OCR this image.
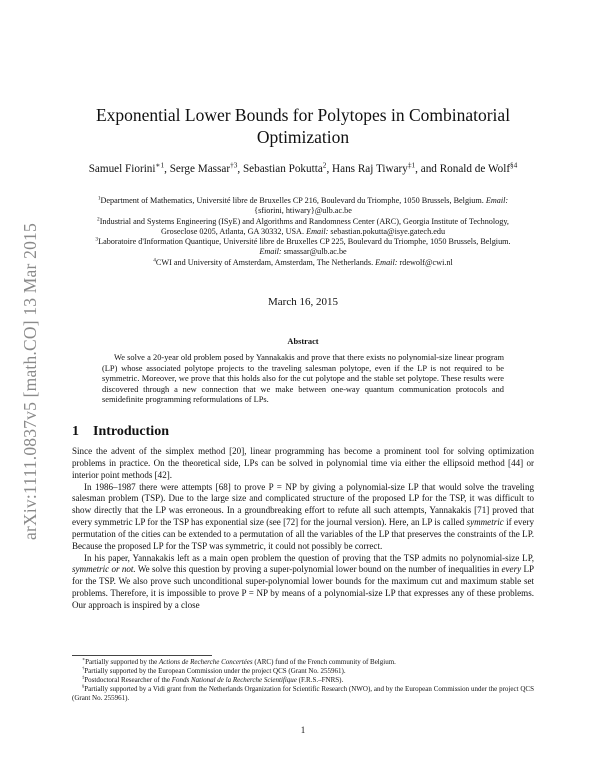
arXiv:1111.0837v5 [math.CO] 13 Mar 2015
Exponential Lower Bounds for Polytopes in Combinatorial Optimization
Samuel Fiorini$^{∗1}$, Serge Massar$^{\dagger 3}$, Sebastian Pokutta$^2$, Hans Raj Tiwary$^{\ddagger 1}$, and Ronald de Wolf$^{\S 4}$
$^1$Department of Mathematics, Université libre de Bruxelles CP 216, Boulevard du Triomphe, 1050 Brussels, Belgium. Email: {sfiorini, htiwary}@ulb.ac.be
$^2$Industrial and Systems Engineering (ISyE) and Algorithms and Randomness Center (ARC), Georgia Institute of Technology, Groseclose 0205, Atlanta, GA 30332, USA. Email: sebastian.pokutta@isye.gatech.edu
$^3$Laboratoire d'Information Quantique, Université libre de Bruxelles CP 225, Boulevard du Triomphe, 1050 Brussels, Belgium. Email: smassar@ulb.ac.be
$^4$CWI and University of Amsterdam, Amsterdam, The Netherlands. Email: rdewolf@cwi.nl
March 16, 2015
Abstract
We solve a 20-year old problem posed by Yannakakis and prove that there exists no polynomial-size linear program (LP) whose associated polytope projects to the traveling salesman polytope, even if the LP is not required to be symmetric. Moreover, we prove that this holds also for the cut polytope and the stable set polytope. These results were discovered through a new connection that we make between one-way quantum communication protocols and semidefinite programming reformulations of LPs.
1 Introduction

Since the advent of the simplex method [20], linear programming has become a prominent tool for solving optimization problems in practice. On the theoretical side, LPs can be solved in polynomial time via either the ellipsoid method [44] or interior point methods [42].

In 1986–1987 there were attempts [68] to prove P = NP by giving a polynomial-size LP that would solve the traveling salesman problem (TSP). Due to the large size and complicated structure of the proposed LP for the TSP, it was difficult to show directly that the LP was erroneous. In a groundbreaking effort to refute all such attempts, Yannakakis [71] proved that every symmetric LP for the TSP has exponential size (see [72] for the journal version). Here, an LP is called symmetric if every permutation of the cities can be extended to a permutation of all the variables of the LP that preserves the constraints of the LP. Because the proposed LP for the TSP was symmetric, it could not possibly be correct.

In his paper, Yannakakis left as a main open problem the question of proving that the TSP admits no polynomial-size LP, symmetric or not. We solve this question by proving a super-polynomial lower bound on the number of inequalities in every LP for the TSP. We also prove such unconditional super-polynomial lower bounds for the maximum cut and maximum stable set problems. Therefore, it is impossible to prove P = NP by means of a polynomial-size LP that expresses any of these problems. Our approach is inspired by a close

∗Partially supported by the Actions de Recherche Concertées (ARC) fund of the French community of Belgium.
†Partially supported by the European Commission under the project QCS (Grant No. 255961).
‡Postdoctoral Researcher of the Fonds National de la Recherche Scientifique (F.R.S.–FNRS).
§Partially supported by a Vidi grant from the Netherlands Organization for Scientific Research (NWO), and by the European Commission under the project QCS (Grant No. 255961).
1
